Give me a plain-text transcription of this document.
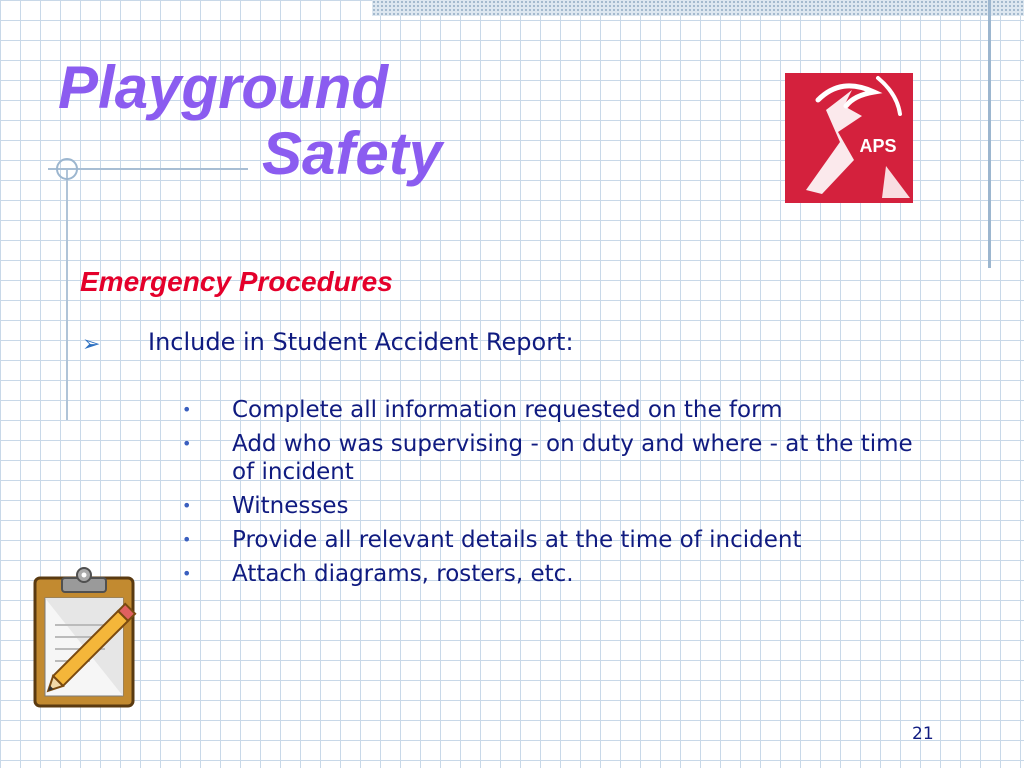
Playground
Safety	APS
Emergency Procedures
➢ Include in Student Accident Report:
• Complete all information requested on the form
• Add who was supervising - on duty and where - at the time of incident
• Witnesses
• Provide all relevant details at the time of incident
• Attach diagrams, rosters, etc.
21
